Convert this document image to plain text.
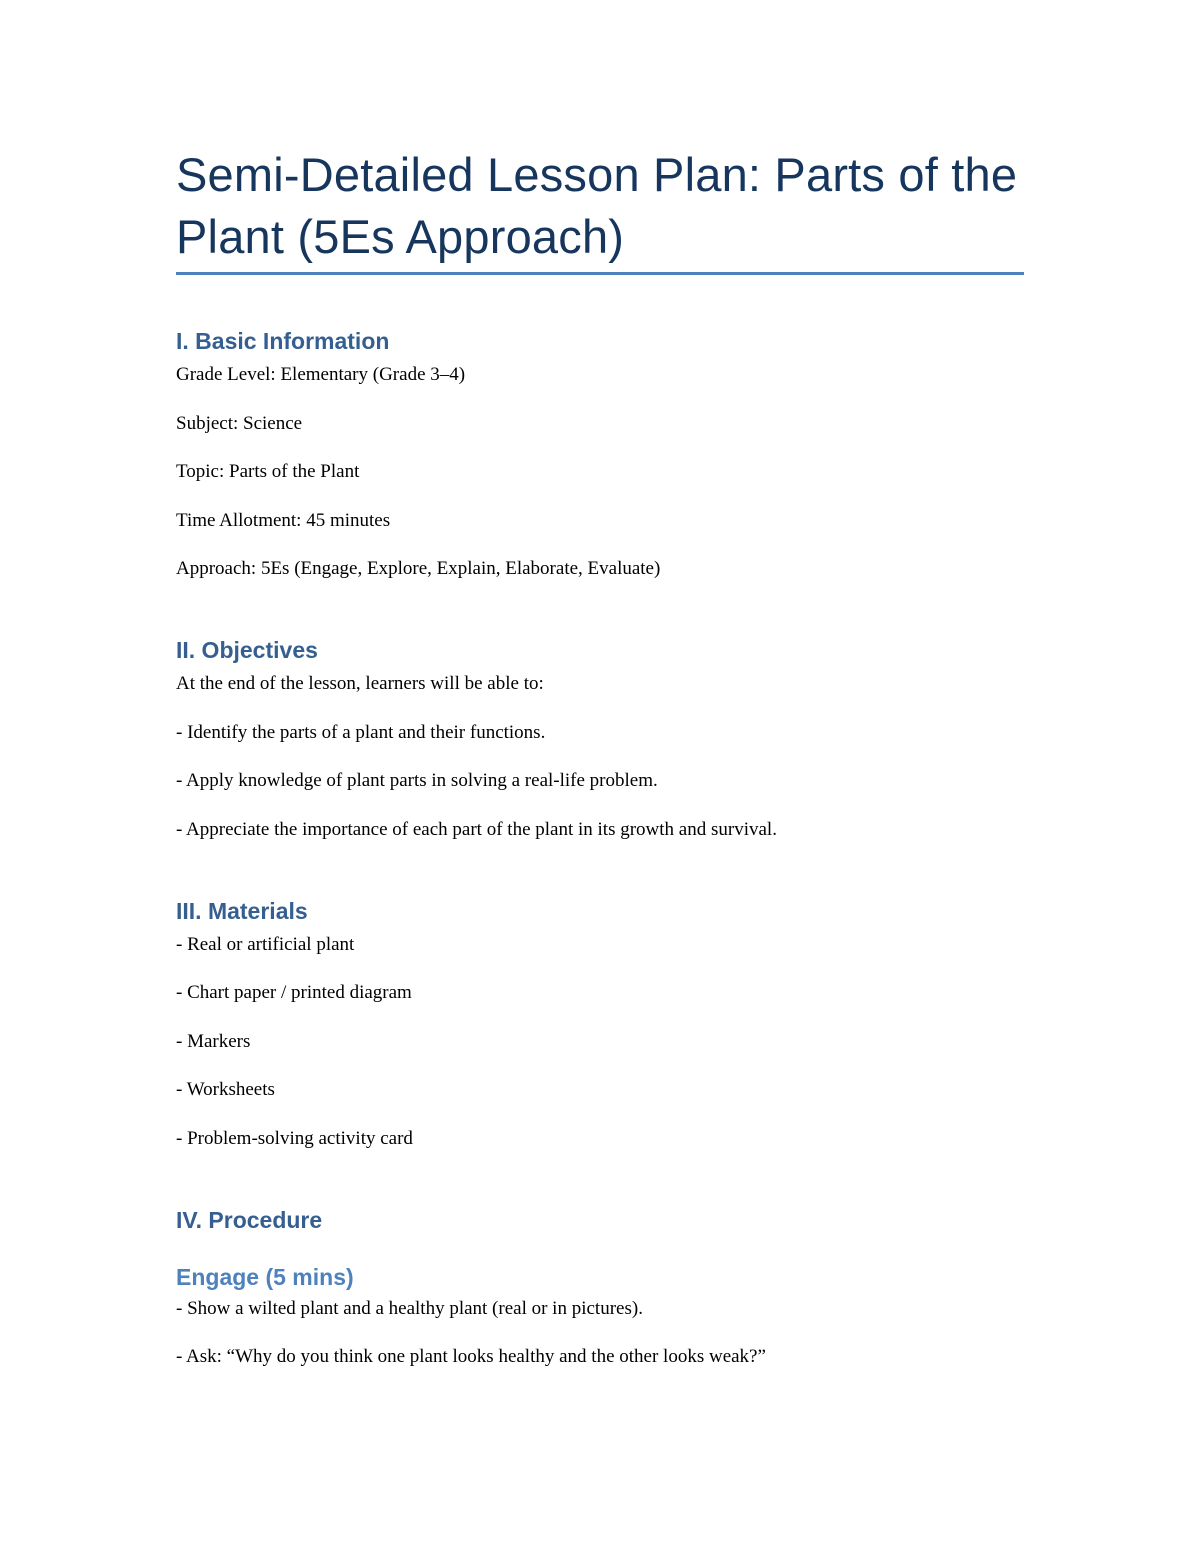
Semi-Detailed Lesson Plan: Parts of the Plant (5Es Approach)
I. Basic Information

Grade Level: Elementary (Grade 3–4)

Subject: Science

Topic: Parts of the Plant

Time Allotment: 45 minutes

Approach: 5Es (Engage, Explore, Explain, Elaborate, Evaluate)

II. Objectives

At the end of the lesson, learners will be able to:

- Identify the parts of a plant and their functions.

- Apply knowledge of plant parts in solving a real-life problem.

- Appreciate the importance of each part of the plant in its growth and survival.

III. Materials

- Real or artificial plant

- Chart paper / printed diagram

- Markers

- Worksheets

- Problem-solving activity card

IV. Procedure
Engage (5 mins)

- Show a wilted plant and a healthy plant (real or in pictures).

- Ask: “Why do you think one plant looks healthy and the other looks weak?”
